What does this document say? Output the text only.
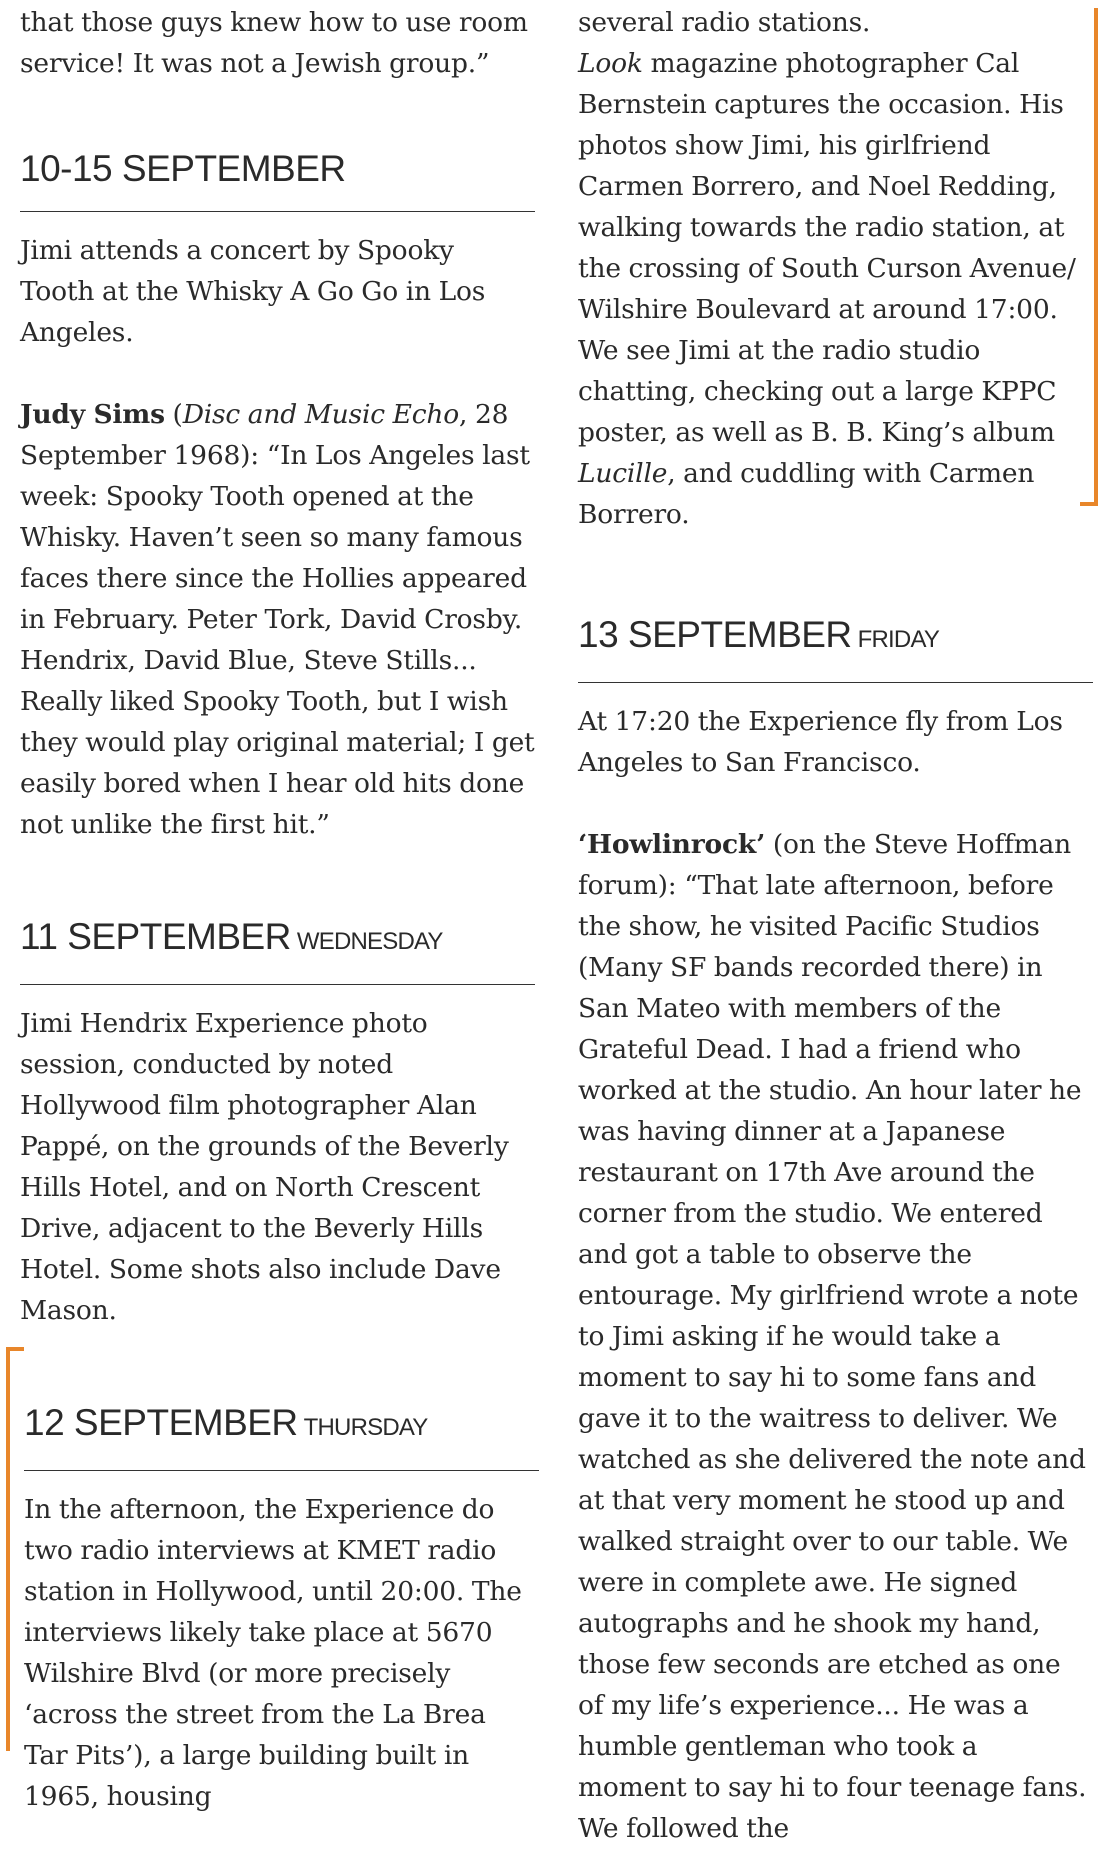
that those guys knew how to use room service! It was not a Jewish group.”

10-15 SEPTEMBER

Jimi attends a concert by Spooky Tooth at the Whisky A Go Go in Los Angeles.

Judy Sims (Disc and Music Echo, 28 September 1968): “In Los Angeles last week: Spooky Tooth opened at the Whisky. Haven’t seen so many famous faces there since the Hollies appeared in February. Peter Tork, David Crosby. Hendrix, David Blue, Steve Stills... Really liked Spooky Tooth, but I wish they would play original material; I get easily bored when I hear old hits done not unlike the first hit.”

11 SEPTEMBER WEDNESDAY

Jimi Hendrix Experience photo session, conducted by noted Hollywood film photographer Alan Pappé, on the grounds of the Beverly Hills Hotel, and on North Crescent Drive, adjacent to the Beverly Hills Hotel. Some shots also include Dave Mason.

12 SEPTEMBER THURSDAY

In the afternoon, the Experience do two radio interviews at KMET radio station in Hollywood, until 20:00. The interviews likely take place at 5670 Wilshire Blvd (or more precisely ‘across the street from the La Brea Tar Pits’), a large building built in 1965, housing

several radio stations.
Look magazine photographer Cal Bernstein captures the occasion. His photos show Jimi, his girlfriend Carmen Borrero, and Noel Redding, walking towards the radio station, at the crossing of South Curson Avenue/ Wilshire Boulevard at around 17:00. We see Jimi at the radio studio chatting, checking out a large KPPC poster, as well as B. B. King’s album Lucille, and cuddling with Carmen Borrero.

13 SEPTEMBER FRIDAY

At 17:20 the Experience fly from Los Angeles to San Francisco.

‘Howlinrock’ (on the Steve Hoffman forum): “That late afternoon, before the show, he visited Pacific Studios (Many SF bands recorded there) in San Mateo with members of the Grateful Dead. I had a friend who worked at the studio. An hour later he was having dinner at a Japanese restaurant on 17th Ave around the corner from the studio. We entered and got a table to observe the entourage. My girlfriend wrote a note to Jimi asking if he would take a moment to say hi to some fans and gave it to the waitress to deliver. We watched as she delivered the note and at that very moment he stood up and walked straight over to our table. We were in complete awe. He signed autographs and he shook my hand, those few seconds are etched as one of my life’s experience... He was a humble gentleman who took a moment to say hi to four teenage fans. We followed the
